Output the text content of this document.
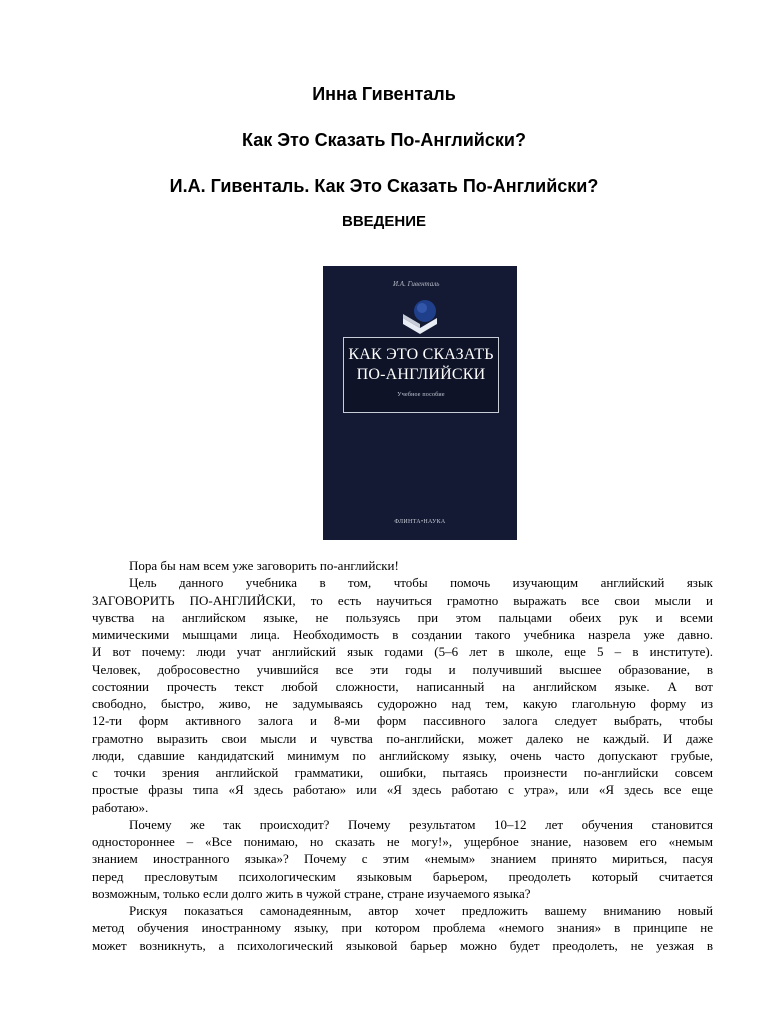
Инна Гивенталь
Как Это Сказать По-Английски?
И.А. Гивенталь. Как Это Сказать По-Английски?
ВВЕДЕНИЕ
И.А. Гивенталь
КАК ЭТО СКАЗАТЬ
ПО-АНГЛИЙСКИ
Учебное пособие
ФЛИНТА•НАУКА
Пора бы нам всем уже заговорить по-английски!
Цель данного учебника в том, чтобы помочь изучающим английский язык
ЗАГОВОРИТЬ ПО-АНГЛИЙСКИ, то есть научиться грамотно выражать все свои мысли и
чувства на английском языке, не пользуясь при этом пальцами обеих рук и всеми
мимическими мышцами лица. Необходимость в создании такого учебника назрела уже давно.
И вот почему: люди учат английский язык годами (5–6 лет в школе, еще 5 – в институте).
Человек, добросовестно учившийся все эти годы и получивший высшее образование, в
состоянии прочесть текст любой сложности, написанный на английском языке. А вот
свободно, быстро, живо, не задумываясь судорожно над тем, какую глагольную форму из
12-ти форм активного залога и 8-ми форм пассивного залога следует выбрать, чтобы
грамотно выразить свои мысли и чувства по-английски, может далеко не каждый. И даже
люди, сдавшие кандидатский минимум по английскому языку, очень часто допускают грубые,
с точки зрения английской грамматики, ошибки, пытаясь произнести по-английски совсем
простые фразы типа «Я здесь работаю» или «Я здесь работаю с утра», или «Я здесь все еще
работаю».
Почему же так происходит? Почему результатом 10–12 лет обучения становится
одностороннее – «Все понимаю, но сказать не могу!», ущербное знание, назовем его «немым
знанием иностранного языка»? Почему с этим «немым» знанием принято мириться, пасуя
перед пресловутым психологическим языковым барьером, преодолеть который считается
возможным, только если долго жить в чужой стране, стране изучаемого языка?
Рискуя показаться самонадеянным, автор хочет предложить вашему вниманию новый
метод обучения иностранному языку, при котором проблема «немого знания» в принципе не
может возникнуть, а психологический языковой барьер можно будет преодолеть, не уезжая в
